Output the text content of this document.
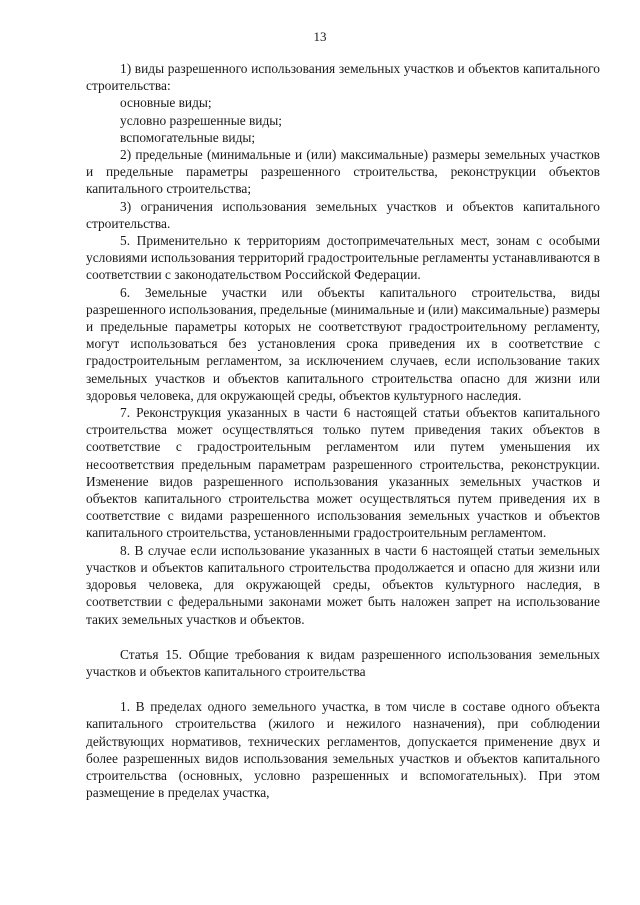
13

1) виды разрешенного использования земельных участков и объектов капитального строительства:

основные виды;

условно разрешенные виды;

вспомогательные виды;

2) предельные (минимальные и (или) максимальные) размеры земельных участков и предельные параметры разрешенного строительства, реконструкции объектов капитального строительства;

3) ограничения использования земельных участков и объектов капитального строительства.

5. Применительно к территориям достопримечательных мест, зонам с особыми условиями использования территорий градостроительные регламенты устанавливаются в соответствии с законодательством Российской Федерации.

6. Земельные участки или объекты капитального строительства, виды разрешенного использования, предельные (минимальные и (или) максимальные) размеры и предельные параметры которых не соответствуют градостроительному регламенту, могут использоваться без установления срока приведения их в соответствие с градостроительным регламентом, за исключением случаев, если использование таких земельных участков и объектов капитального строительства опасно для жизни или здоровья человека, для окружающей среды, объектов культурного наследия.

7. Реконструкция указанных в части 6 настоящей статьи объектов капитального строительства может осуществляться только путем приведения таких объектов в соответствие с градостроительным регламентом или путем уменьшения их несоответствия предельным параметрам разрешенного строительства, реконструкции. Изменение видов разрешенного использования указанных земельных участков и объектов капитального строительства может осуществляться путем приведения их в соответствие с видами разрешенного использования земельных участков и объектов капитального строительства, установленными градостроительным регламентом.

8. В случае если использование указанных в части 6 настоящей статьи земельных участков и объектов капитального строительства продолжается и опасно для жизни или здоровья человека, для окружающей среды, объектов культурного наследия, в соответствии с федеральными законами может быть наложен запрет на использование таких земельных участков и объектов.

Статья 15. Общие требования к видам разрешенного использования земельных участков и объектов капитального строительства

1. В пределах одного земельного участка, в том числе в составе одного объекта капитального строительства (жилого и нежилого назначения), при соблюдении действующих нормативов, технических регламентов, допускается применение двух и более разрешенных видов использования земельных участков и объектов капитального строительства (основных, условно разрешенных и вспомогательных). При этом размещение в пределах участка,
